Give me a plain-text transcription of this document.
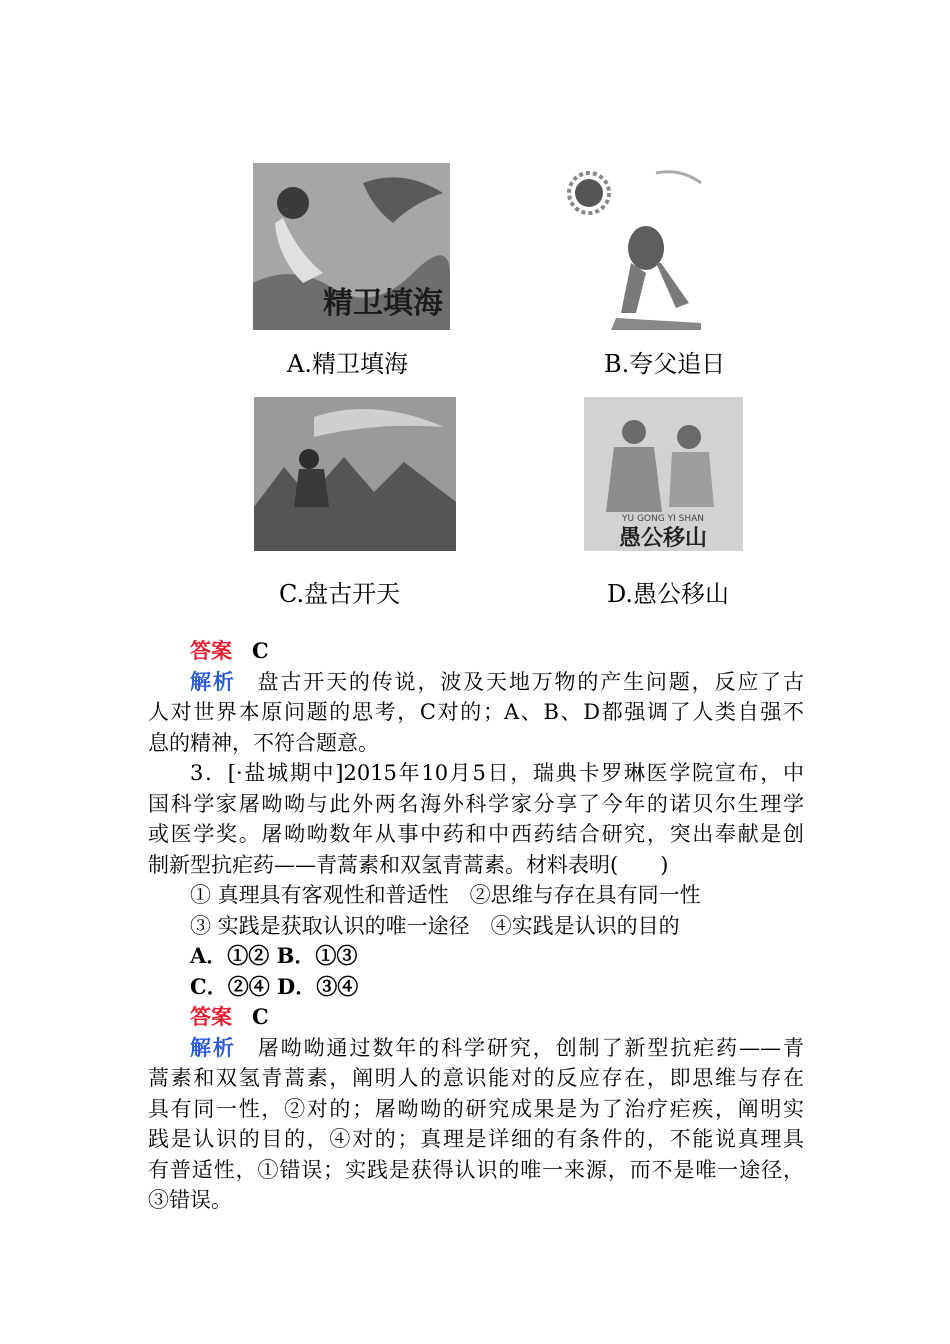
精卫填海
A.精卫填海	B.夸父追日
C.盘古开天
YU GONG YI SHAN
愚公移山
D.愚公移山
答案 C
解析 盘古开天的传说，波及天地万物的产生问题，反应了古
人对世界本原问题的思考，C对的；A、B、D都强调了人类自强不
息的精神，不符合题意。
3．[·盐城期中]2015年10月5日，瑞典卡罗琳医学院宣布，中
国科学家屠呦呦与此外两名海外科学家分享了今年的诺贝尔生理学
或医学奖。屠呦呦数年从事中药和中西药结合研究，突出奉献是创
制新型抗疟药——青蒿素和双氢青蒿素。材料表明(　　)
① 真理具有客观性和普适性　②思维与存在具有同一性
③ 实践是获取认识的唯一途径　④实践是认识的目的
A．①② B．①③
C．②④ D．③④
答案 C
解析 屠呦呦通过数年的科学研究，创制了新型抗疟药——青
蒿素和双氢青蒿素，阐明人的意识能对的反应存在，即思维与存在
具有同一性，②对的；屠呦呦的研究成果是为了治疗疟疾，阐明实
践是认识的目的，④对的；真理是详细的有条件的，不能说真理具
有普适性，①错误；实践是获得认识的唯一来源，而不是唯一途径，
③错误。
